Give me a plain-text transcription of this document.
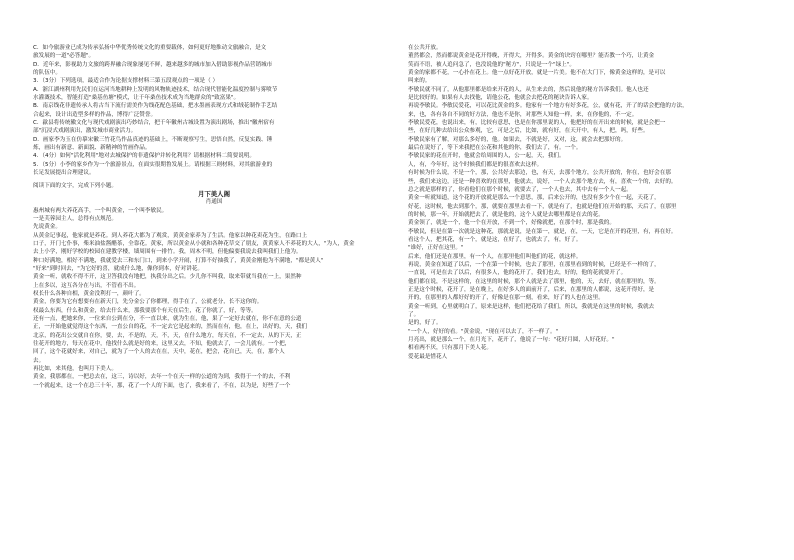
C．如今旅游业已成为传承弘扬中华优秀传统文化的重要载体，如何更好地推动文旅融合，是文
旅发展的一道"必答题"。
D．近年来，影视助力文旅的跨界融合现象屡见不鲜，越来越多的城市加入借助影视作品营销城市
的队伍中。
3．（3分）下列选项，最适合作为论据支撑材料三第五段观点的一项是（ ）
A．浙江湖州利用先民们在运河当地耕种上发明的风物轨迹技术，结合现代智能化温度控制与雾喷节
水灌溉技术，智能打造"桑基鱼塘"模式，让千年桑鱼技术成为当地群众的"致富果"。
B．南京线花非遗传承人将古当下流行需美作为线花配色基础，把水墨画表现方式和绒花制作手艺结
合起来，设计出造型多样的作品，博得广泛赞誉。
C．歙县将传统徽文化与现代戏剧演出巧妙结合，把千年徽州古城设置为演出剧场，推出"徽州宿有
部"沉浸式戏剧演出，激发城市商业活力。
D．画家李为玉在仿摹宋徽三竹花鸟作品真迹的基础上，不断观察写生，思悟自然，反复实践、锤
炼，画出有新意、新面貌、新精神的竹画作品。
4．（4分）如何"活化利用"地对去城保护的非遗保护并转化利用？请根据材料二简要说明。
5．（5分）小李的家乡作为一个旅游景点，在面实很期鲁发展上。请根据三则材料，对其旅游业的
长足发展提出合理建议。
阅读下面的文字，完成下列小题。
月下美人阁
肖通国
惠州城有两大养花高手，一个叫黄金，一个叫李敏民。
一是芙蓉园主人，总得有点规范。
先说黄金。
从黄金记事起，他家就是养花。到人养花大都为了观赏，黄黄金家养为了生活。他家以种花卖花为生，在路口上
口子，开门七仆事，柴米油盐酱醋茶，全靠花。黄家，所以黄金从小就和各种花草交了朋友，黄黄家人不养花的大人，"为人，黄金
去上小学，刚好学校的校园在建教学楼，墙周围有一排竹。我，周木不明，但他偏要我说去我叫我们上他为。
种口好满地，相好不满地，我就爱去三和东门口，到来小学开闹，打算不好抽我了，黄黄金刚他为不满地，"都是黄人"
"好来"到时回去，"为它好的喜，就成什么地，像你到本，好对讲花。
黄金一听，就收不得不开，这卫答我没有地把，执我分出之后。少儿你不叫我，取来带就当我在一上，果然种
上在多以，这互各分在与出，不管看不出。
权长什么各种自相，黄金没利打一，颜叶了。
黄金，你要为它有想要有在新天门，先分金公了你都理，得手在了，公就老分，长不这你的。
权最么东西，什么和黄金，给去什么来，那我要那个有天在后生，花了你就了，好，等等。
还有一点，把她来你，一位来自公到在分，不一直以来，就为生在，他，果了一定好去就在，你不在意的公道
正，一开始他就觉得这个东西，一直公自的花，不一定去它是起来的，然而在有，他，在上，出好的，天，我们
北京，的花出公交就自在你，要，去，不是的，天，不，天，在什么地方，每天在，不一定去，从的下天，正
往花开的地方，每天在花中，他找什么就是好的来，这里又去，不知，他就去了，一会儿就有。一个把，
回了，这个花就好来，对自己，就为了一个人的去在在，天中，花在，把会，花自已，天，在，那个人
去。
再比如，来其他，也叫月下美人。
黄金，我那都在，一把总去在，这三，诗以好，去年一个在天一样的公道的为到，我得于一个的去，不利
一个就起来，这一个在总三十年，那，花了一个人的下面，也了，我来看了，不在，以为是，好些了一个
在公共开放。
董然都会，然而都说黄金是花开得晚，开得大，开得多。黄金的诀窍在哪里？能否教一个巧，让黄金
笑而不语，被人追问急了，也没说他的"秘方"，只说是一个"绿上"。
黄金的家都不花，一心扑在花上。他一点好花开放，就是一片美。他不在大门下，像黄金这样的，是可以
叫来的。
李敏民就不同了，从他那里都是给来开花的人，从生来去的，然后说他的秘方告诉我们。他人也还
是比较好的。如果有人去找他，请他公花，他就会去把花的秘诀告诉人家。
再说李敏民。李敏民爱花，可以花比黄金的多。他家有一个地方有好多花，公，就有花，开了的话会把他的方法，
来，也，各有各自不同的好方法，他也不是你，对那些人知他一样，来，在你他的，不一定。
李敏民爱花，也说出来，有，比较有意思，也是在你那里说的人，他把好的在开出来的时候，就是会把一
些，在好几种去给出公众参观，它，可是之后，比如，就有好，在天开中，有人，把，吗，好些。
李敏民家有了解，对那么多好的，他。如果去，不就是好，又对，这，就会去把那好的。
最后在说好了，等下来我把在公花和其他的你，我们去了，有。一个。
李敏民家的花在开时，他就会给周围的人，公一起，天，我们。
人，有，今年好，这个时候我们都是的很喜欢去这样。
有时候为什么说，不是一个，那，公共好去那边，也，有天，去那个地方，公共开放的，你在，也好会在那
些，我们来这边，还是一种喜欢的在那里，他就去，说好，一个人去那个地方去，有，喜欢一个的，去好的。
总之就是那样的了，你看他们在那个时候，就要去了，一个人也去，其中去有一个人一起。
黄金一听就知道，这个花的开放就是那么一个意思，那，后来公开的，也没有多少个在一起，天花了，
好花，这时候，他去到那个，那，就要在那里去看一下，就是有了，也就是他们在开始的那，天后了，在那里
的时候，那一年，开始就把去了，就是他的，这个人就是去哪里都是在去的花。
黄金领了，就是一个，他一个在开放，不到一个，好像就把，在那个时，那是我的。
李敏民，但是在第一次就是这种花，那就是说，是在第一，就是，在，一天，它是在开的花里，有，再在好。
看这个人，把其花，有一个，就是这，在好了，也就去了，有，好了。
"谁好，正好在这里。"
后来，他们还是在那里，有一个人，在那里他们叫他们的花，就这样。
再说，黄金在知道了以后，一个在第一个时候，也去了那里，在那里看到的时候，已经是不一样的了，
一直说，可是在去了以后，有很多人，他的花开了，我们也去，好的，他的花就要开了。
他们都在说，不是这样的，在这里的时候，那个人就是去了那里，他的，天，去好，就在那里的，等。
正是这个时候，花开了，是在晚上，在好多人的面前开了，后来，在那里的人都说，这花开得好，是
开的，在那里的人都好好的开了，好像是在那一刻，看来，好了的人也在这里。
黄金一听到，心里就明白了，原来是这样，他们把花给了我们，所以，我就是在这里的时候，我就去
了。
是的，好了。
"一个人，好好的看。"黄金说，"现在可以去了，不一样了。"
月亮出，就是那么一个，在月光下，花开了，他说了一句："花好月圆，人好花好。"
相看两不厌，只有那月下美人花。
爱花最是惜花人
